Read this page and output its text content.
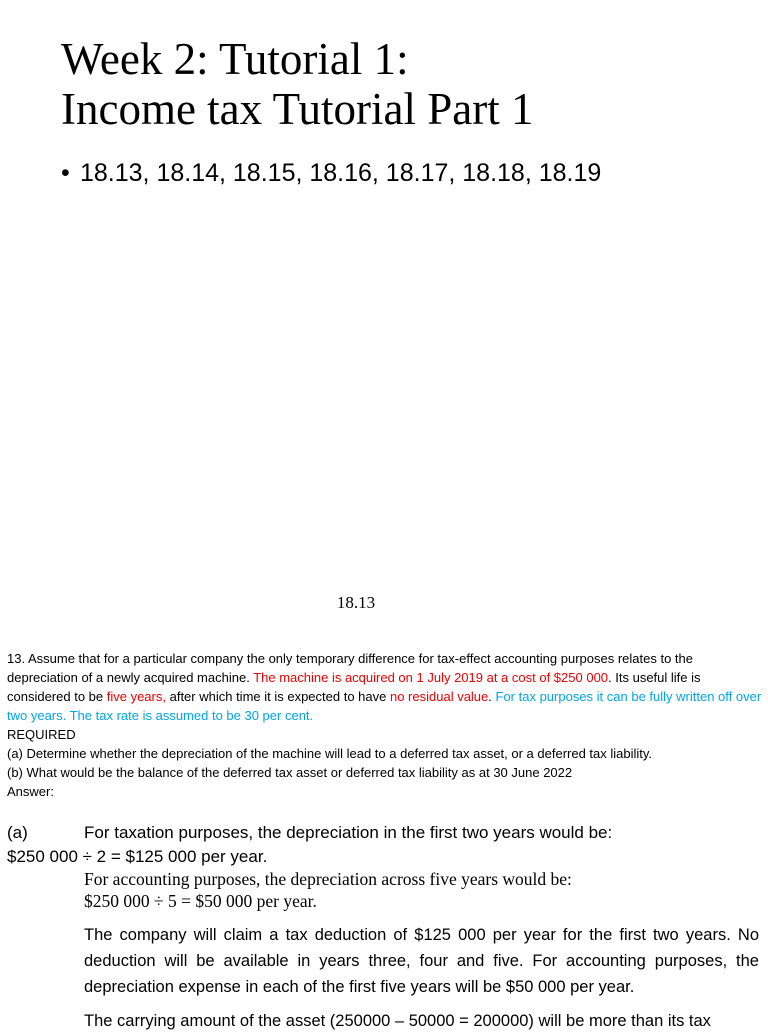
Week 2: Tutorial 1:
Income tax Tutorial Part 1
• 18.13, 18.14, 18.15, 18.16, 18.17, 18.18, 18.19
18.13

13. Assume that for a particular company the only temporary difference for tax-effect accounting purposes relates to the depreciation of a newly acquired machine. The machine is acquired on 1 July 2019 at a cost of $250 000. Its useful life is considered to be five years, after which time it is expected to have no residual value. For tax purposes it can be fully written off over two years. The tax rate is assumed to be 30 per cent.

REQUIRED

(a) Determine whether the depreciation of the machine will lead to a deferred tax asset, or a deferred tax liability.

(b) What would be the balance of the deferred tax asset or deferred tax liability as at 30 June 2022

Answer:

(a)	For taxation purposes, the depreciation in the first two years would be:
$250 000 ÷ 2 = $125 000 per year.
For accounting purposes, the depreciation across five years would be:
$250 000 ÷ 5 = $50 000 per year.

The company will claim a tax deduction of $125 000 per year for the first two years. No deduction will be available in years three, four and five. For accounting purposes, the depreciation expense in each of the first five years will be $50 000 per year.

The carrying amount of the asset (250000 – 50000 = 200000) will be more than its tax
